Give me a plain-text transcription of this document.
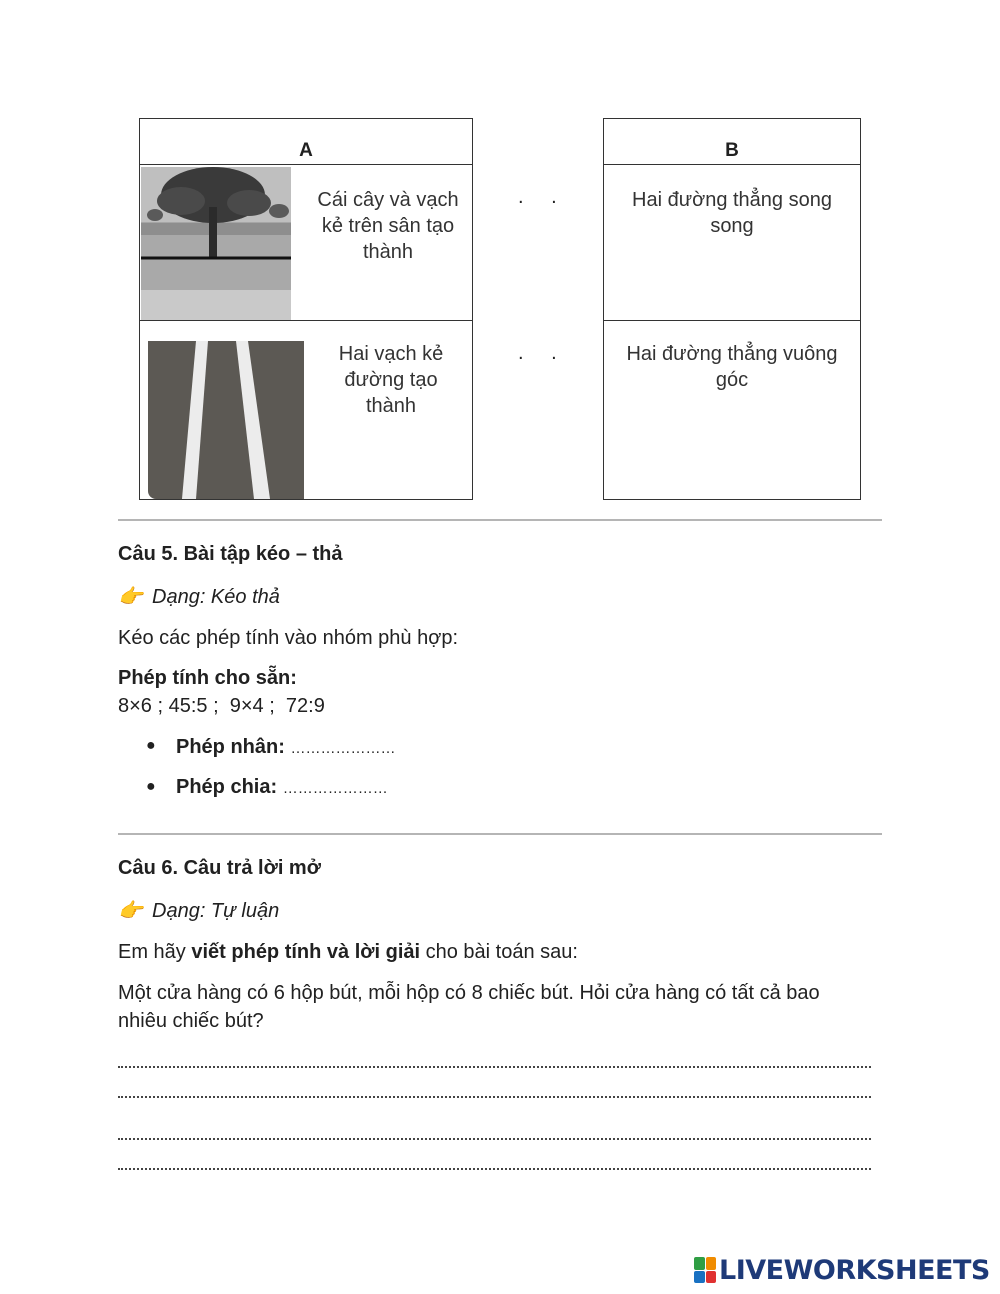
A
Cái cây và vạch kẻ trên sân tạo thành
Hai vạch kẻ đường tạo thành
. .
. .
B
Hai đường thẳng song song
Hai đường thẳng vuông góc
Câu 5. Bài tập kéo – thả
👉 Dạng: Kéo thả
Kéo các phép tính vào nhóm phù hợp:
Phép tính cho sẵn:
8×6 ; 45:5 ;  9×4 ;  72:9
● Phép nhân: …………………
● Phép chia: …………………
Câu 6. Câu trả lời mở
👉 Dạng: Tự luận
Em hãy viết phép tính và lời giải cho bài toán sau:
Một cửa hàng có 6 hộp bút, mỗi hộp có 8 chiếc bút. Hỏi cửa hàng có tất cả bao
nhiêu chiếc bút?
LIVEWORKSHEETS
